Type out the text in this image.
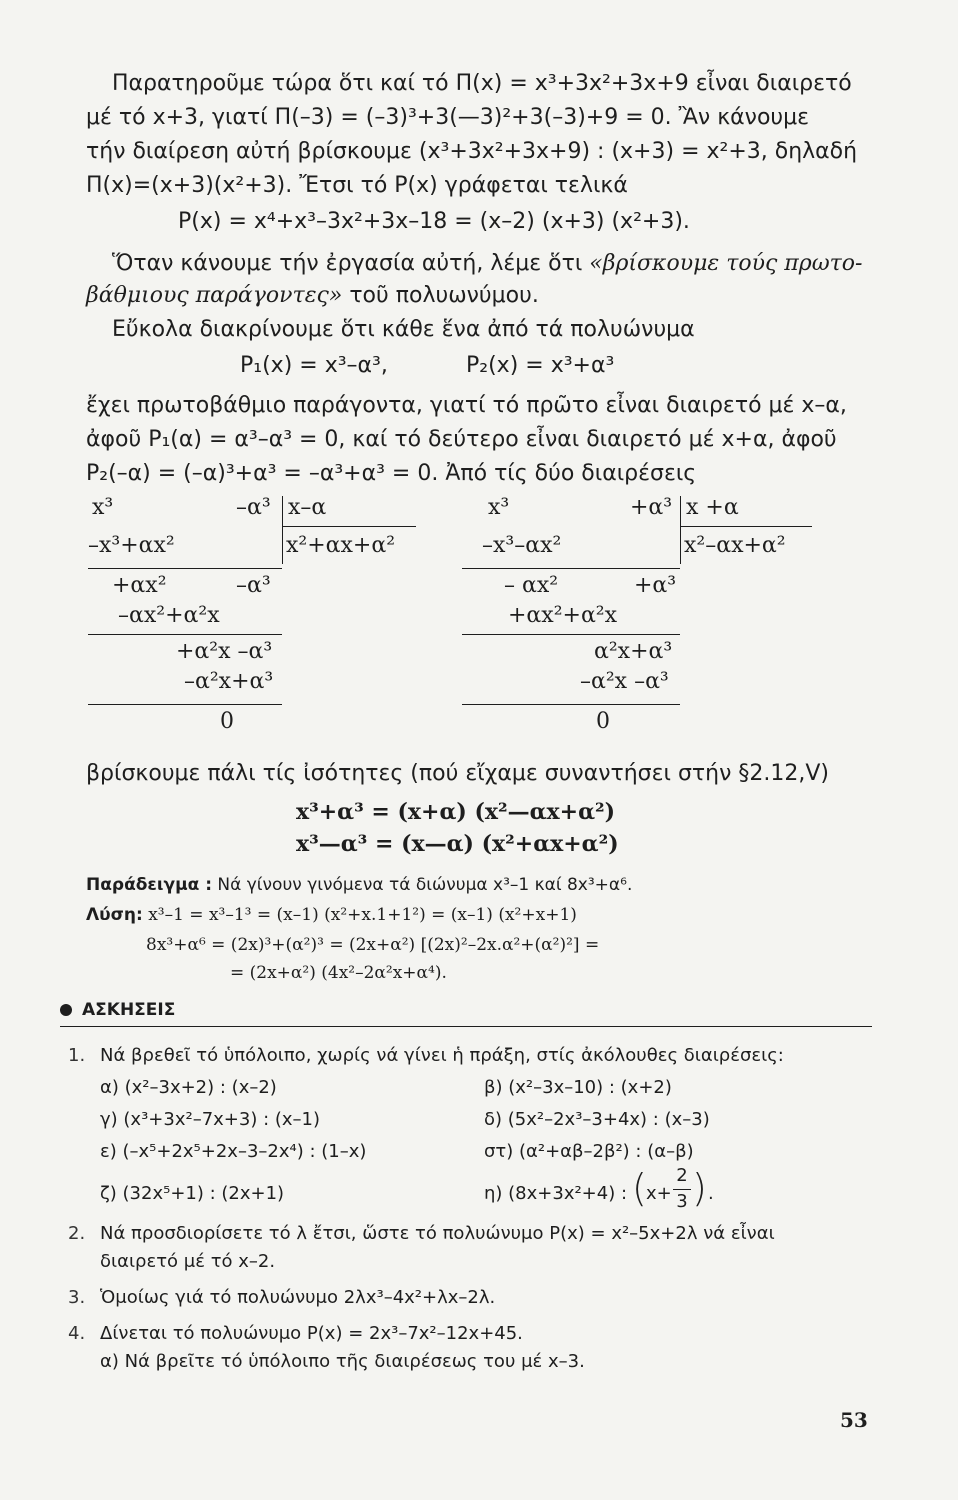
Παρατηροῦμε τώρα ὅτι καί τό Π(x) = x³+3x²+3x+9 εἶναι διαιρετό
μέ τό x+3, γιατί Π(–3) = (–3)³+3(—3)²+3(–3)+9 = 0. Ἂν κάνουμε
τήν διαίρεση αὐτή βρίσκουμε (x³+3x²+3x+9) : (x+3) = x²+3, δηλαδή
Π(x)=(x+3)(x²+3). Ἔτσι τό P(x) γράφεται τελικά
P(x) = x⁴+x³–3x²+3x–18 = (x–2) (x+3) (x²+3).
Ὅταν κάνουμε τήν ἐργασία αὐτή, λέμε ὅτι «βρίσκουμε τούς πρωτο-
βάθμιους παράγοντες» τοῦ πολυωνύμου.
Εὔκολα διακρίνουμε ὅτι κάθε ἕνα ἀπό τά πολυώνυμα
P₁(x) = x³–α³,	P₂(x) = x³+α³
ἔχει πρωτοβάθμιο παράγοντα, γιατί τό πρῶτο εἶναι διαιρετό μέ x–α,
ἀφοῦ P₁(α) = α³–α³ = 0, καί τό δεύτερο εἶναι διαιρετό μέ x+α, ἀφοῦ
P₂(–α) = (–α)³+α³ = –α³+α³ = 0. Ἀπό τίς δύο διαιρέσεις
x³	–α³ x–α
–x³+αx²	x²+αx+α²
+αx²	–α³
–αx²+α²x
+α²x –α³
–α²x+α³
0
x³	+α³ x +α
–x³–αx²	x²–αx+α²
– αx²	+α³
+αx²+α²x
α²x+α³
–α²x –α³
0
βρίσκουμε πάλι τίς ἰσότητες (πού εἴχαμε συναντήσει στήν §2.12,V)
x³+α³ = (x+α) (x²—αx+α²)
x³—α³ = (x—α) (x²+αx+α²)
Παράδειγμα : Νά γίνουν γινόμενα τά διώνυμα x³–1 καί 8x³+α⁶.
Λύση: x³–1 = x³–1³ = (x–1) (x²+x.1+1²) = (x–1) (x²+x+1)
8x³+α⁶ = (2x)³+(α²)³ = (2x+α²) [(2x)²–2x.α²+(α²)²] =
= (2x+α²) (4x²–2α²x+α⁴).
ΑΣΚΗΣΕΙΣ
1. Νά βρεθεῖ τό ὑπόλοιπο, χωρίς νά γίνει ἡ πράξη, στίς ἀκόλουθες διαιρέσεις:
α) (x²–3x+2) : (x–2)	β) (x²–3x–10) : (x+2)
γ) (x³+3x²–7x+3) : (x–1)	δ) (5x²–2x³–3+4x) : (x–3)
ε) (–x⁵+2x⁵+2x–3–2x⁴) : (1–x)	στ) (α²+αβ–2β²) : (α–β)
ζ) (32x⁵+1) : (2x+1)	η) (8x+3x²+4) : ( x+
2
3 ) .
2. Νά προσδιορίσετε τό λ ἔτσι, ὥστε τό πολυώνυμο P(x) = x²–5x+2λ νά εἶναι
διαιρετό μέ τό x–2.
3. Ὁμοίως γιά τό πολυώνυμο 2λx³–4x²+λx–2λ.
4. Δίνεται τό πολυώνυμο P(x) = 2x³–7x²–12x+45.
α) Νά βρεῖτε τό ὑπόλοιπο τῆς διαιρέσεως του μέ x–3.
53
